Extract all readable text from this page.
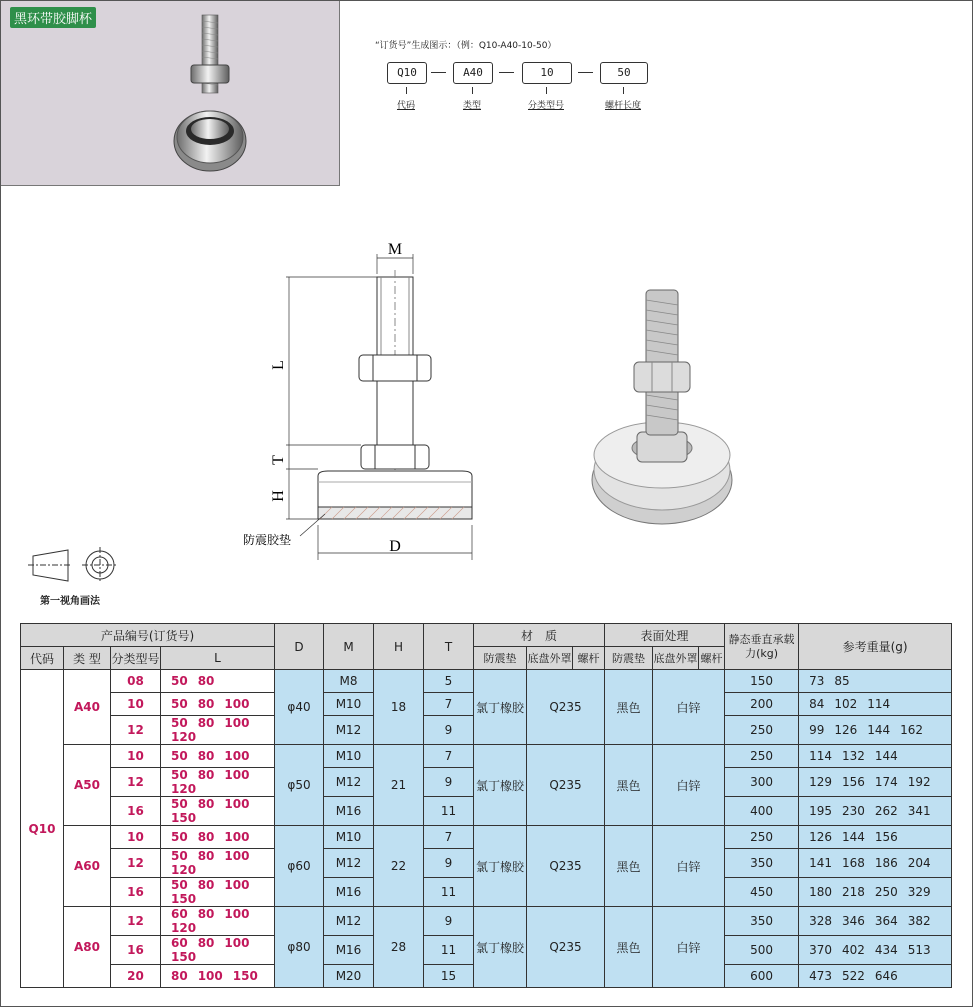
黑环带胶脚杯
“订货号”生成图示：（例：Q10-A40-10-50）
Q10	A40	10	50
代码	类型	分类型号	螺杆长度
M
L
T
H
D
防震胶垫
第一视角画法
产品编号(订货号)				D	M	H	T	材　质			表面处理			静态垂直承载力(kg)	参考重量(g)
代码	类 型	分类型号	L					防震垫	底盘外罩	螺杆	防震垫	底盘外罩	螺杆		
Q10	A40	08	50 80	φ40	M8	18	5	氯丁橡胶	Q235		黑色	白锌		150	73 85
		10	50 80 100		M10		7							200	84 102 114
		12	50 80 100120		M12		9							250	99 126 144 162
	A50	10	50 80 100	φ50	M10	21	7	氯丁橡胶	Q235		黑色	白锌		250	114 132 144
		12	50 80 100120		M12		9							300	129 156 174 192
		16	50 80 100150		M16		11							400	195 230 262 341
	A60	10	50 80 100	φ60	M10	22	7	氯丁橡胶	Q235		黑色	白锌		250	126 144 156
		12	50 80 100120		M12		9							350	141 168 186 204
		16	50 80 100150		M16		11							450	180 218 250 329
	A80	12	60 80 100120	φ80	M12	28	9	氯丁橡胶	Q235		黑色	白锌		350	328 346 364 382
		16	60 80 100150		M16		11							500	370 402 434 513
		20	80 100 150		M20		15							600	473 522 646
